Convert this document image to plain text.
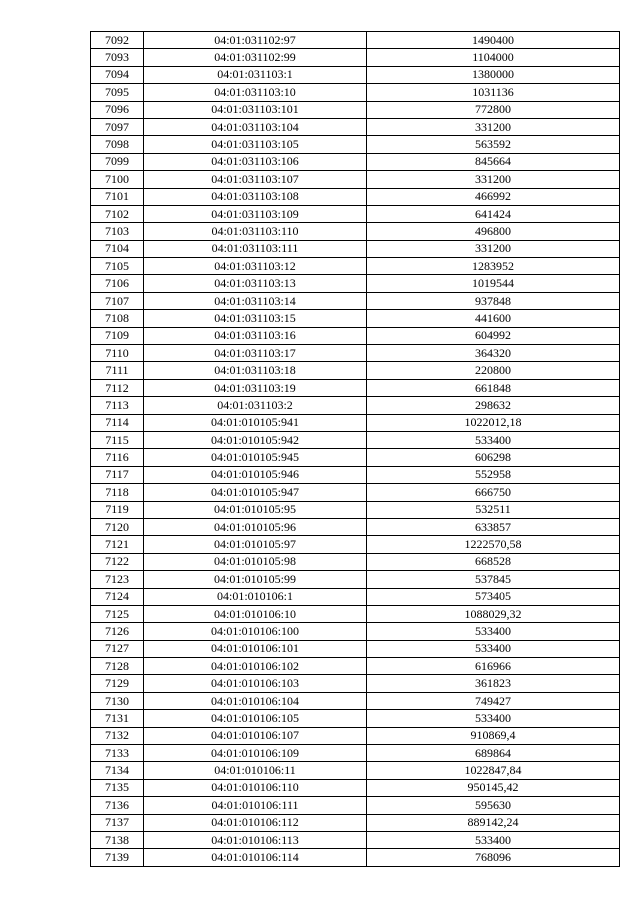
7092	04:01:031102:97	1490400
7093	04:01:031102:99	1104000
7094	04:01:031103:1	1380000
7095	04:01:031103:10	1031136
7096	04:01:031103:101	772800
7097	04:01:031103:104	331200
7098	04:01:031103:105	563592
7099	04:01:031103:106	845664
7100	04:01:031103:107	331200
7101	04:01:031103:108	466992
7102	04:01:031103:109	641424
7103	04:01:031103:110	496800
7104	04:01:031103:111	331200
7105	04:01:031103:12	1283952
7106	04:01:031103:13	1019544
7107	04:01:031103:14	937848
7108	04:01:031103:15	441600
7109	04:01:031103:16	604992
7110	04:01:031103:17	364320
7111	04:01:031103:18	220800
7112	04:01:031103:19	661848
7113	04:01:031103:2	298632
7114	04:01:010105:941	1022012,18
7115	04:01:010105:942	533400
7116	04:01:010105:945	606298
7117	04:01:010105:946	552958
7118	04:01:010105:947	666750
7119	04:01:010105:95	532511
7120	04:01:010105:96	633857
7121	04:01:010105:97	1222570,58
7122	04:01:010105:98	668528
7123	04:01:010105:99	537845
7124	04:01:010106:1	573405
7125	04:01:010106:10	1088029,32
7126	04:01:010106:100	533400
7127	04:01:010106:101	533400
7128	04:01:010106:102	616966
7129	04:01:010106:103	361823
7130	04:01:010106:104	749427
7131	04:01:010106:105	533400
7132	04:01:010106:107	910869,4
7133	04:01:010106:109	689864
7134	04:01:010106:11	1022847,84
7135	04:01:010106:110	950145,42
7136	04:01:010106:111	595630
7137	04:01:010106:112	889142,24
7138	04:01:010106:113	533400
7139	04:01:010106:114	768096
